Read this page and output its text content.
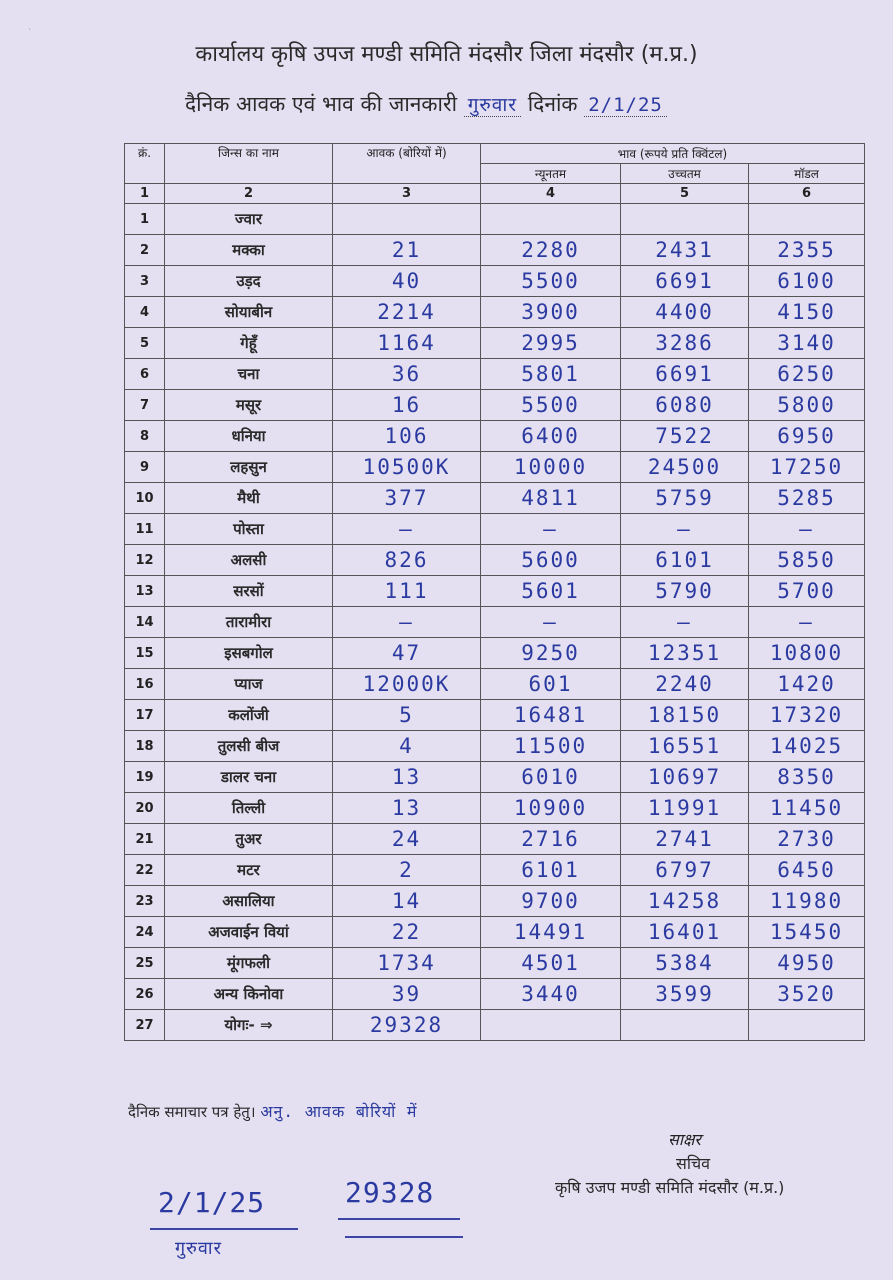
ॱ
कार्यालय कृषि उपज मण्डी समिति मंदसौर जिला मंदसौर (म.प्र.)
दैनिक आवक एवं भाव की जानकारी गुरुवार दिनांक 2/1/25
क्रं.	जिन्स का नाम	आवक (बोरियों में)	भाव (रूपये प्रति क्विंटल)		
			न्यूनतम	उच्चतम	मॉडल
1	2	3	4	5	6
1	ज्वार				
2	मक्का	21	2280	2431	2355
3	उड़द	40	5500	6691	6100
4	सोयाबीन	2214	3900	4400	4150
5	गेहूँ	1164	2995	3286	3140
6	चना	36	5801	6691	6250
7	मसूर	16	5500	6080	5800
8	धनिया	106	6400	7522	6950
9	लहसुन	10500K	10000	24500	17250
10	मैथी	377	4811	5759	5285
11	पोस्ता	—	—	—	—
12	अलसी	826	5600	6101	5850
13	सरसों	111	5601	5790	5700
14	तारामीरा	—	—	—	—
15	इसबगोल	47	9250	12351	10800
16	प्याज	12000K	601	2240	1420
17	कलोंजी	5	16481	18150	17320
18	तुलसी बीज	4	11500	16551	14025
19	डालर चना	13	6010	10697	8350
20	तिल्ली	13	10900	11991	11450
21	तुअर	24	2716	2741	2730
22	मटर	2	6101	6797	6450
23	असालिया	14	9700	14258	11980
24	अजवाईन वियां	22	14491	16401	15450
25	मूंगफली	1734	4501	5384	4950
26	अन्य किनोवा	39	3440	3599	3520
27	योगः- ⇒	29328			
दैनिक समाचार पत्र हेतु। अनु. आवक बोरियों में
साक्षर
सचिव
कृषि उजप मण्डी समिति मंदसौर (म.प्र.)
2/1/25	29328
गुरुवार
